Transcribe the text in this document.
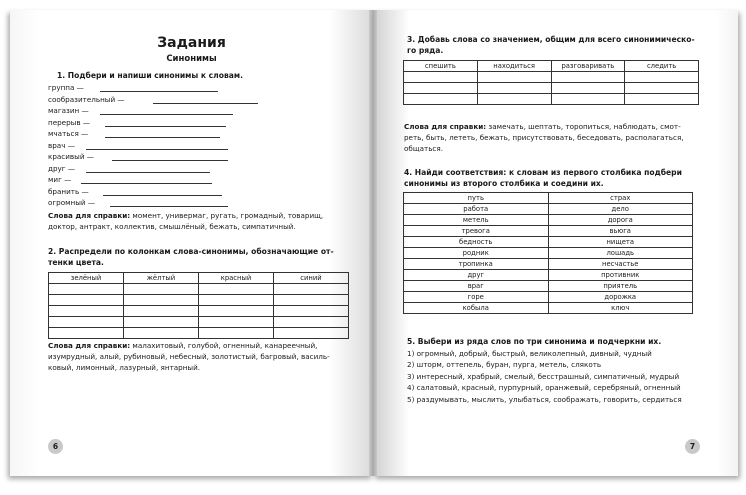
Задания
Синонимы
1. Подбери и напиши синонимы к словам.
группа —
сообразительный —
магазин —
перерыв —
мчаться —
врач —
красивый —
друг —
миг —
бранить —
огромный —
Слова для справки: момент, универмаг, ругать, громадный, товарищ, доктор, антракт, коллектив, смышлёный, бежать, симпатичный.
2. Распредели по колонкам слова-синонимы, обозначающие от-
тенки цвета.
зелёный	жёлтый	красный	синий

Слова для справки: малахитовый, голубой, огненный, канареечный,
изумрудный, алый, рубиновый, небесный, золотистый, багровый, василь-
ковый, лимонный, лазурный, янтарный.
6
3. Добавь слова со значением, общим для всего синонимическо-
го ряда.
спешить	находиться	разговаривать	следить

Слова для справки: замечать, шептать, торопиться, наблюдать, смот-
реть, быть, лететь, бежать, присутствовать, беседовать, располагаться,
общаться.
4. Найди соответствия: к словам из первого столбика подбери
синонимы из второго столбика и соедини их.
путь	страх
работа	дело
метель	дорога
тревога	вьюга
бедность	нищета
родник	лошадь
тропинка	несчастье
друг	противник
враг	приятель
горе	дорожка
кобыла	ключ
5. Выбери из ряда слов по три синонима и подчеркни их.
1) огромный, добрый, быстрый, великолепный, дивный, чудный
2) шторм, оттепель, буран, пурга, метель, слякоть
3) интересный, храбрый, смелый, бесстрашный, симпатичный, мудрый
4) салатовый, красный, пурпурный, оранжевый, серебряный, огненный
5) раздумывать, мыслить, улыбаться, соображать, говорить, сердиться
7
